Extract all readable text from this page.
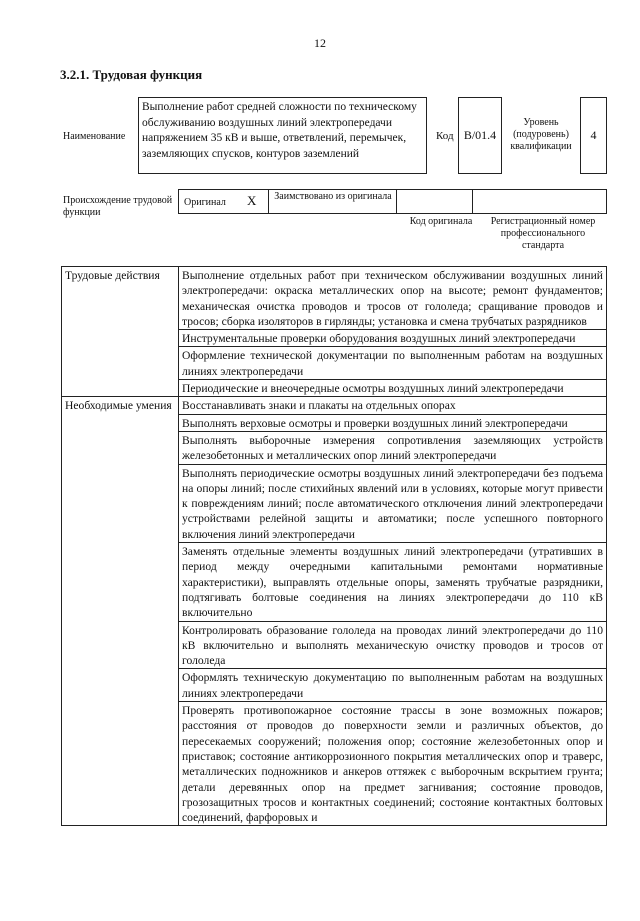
12
3.2.1. Трудовая функция
Наименование
Выполнение работ средней сложности по техническому обслуживанию воздушных линий электропередачи напряжением 35 кВ и выше, ответвлений, перемычек, заземляющих спусков, контуров заземлений
Код B/01.4
Уровень (подуровень) квалификации
4
Происхождение трудовой функции
Оригинал X	Заимствовано из оригинала
Код оригинала	Регистрационный номер профессионального стандарта
Трудовые действия	Выполнение отдельных работ при техническом обслуживании воздушных линий электропередачи: окраска металлических опор на высоте; ремонт фундаментов; механическая очистка проводов и тросов от гололеда; сращивание проводов и тросов; сборка изоляторов в гирлянды; установка и смена трубчатых разрядников
	Инструментальные проверки оборудования воздушных линий электропередачи
	Оформление технической документации по выполненным работам на воздушных линиях электропередачи
	Периодические и внеочередные осмотры воздушных линий электропередачи
Необходимые умения	Восстанавливать знаки и плакаты на отдельных опорах
	Выполнять верховые осмотры и проверки воздушных линий электропередачи
	Выполнять выборочные измерения сопротивления заземляющих устройств железобетонных и металлических опор линий электропередачи
	Выполнять периодические осмотры воздушных линий электропередачи без подъема на опоры линий; после стихийных явлений или в условиях, которые могут привести к повреждениям линий; после автоматического отключения линий электропередачи устройствами релейной защиты и автоматики; после успешного повторного включения линий электропередачи
	Заменять отдельные элементы воздушных линий электропередачи (утративших в период между очередными капитальными ремонтами нормативные характеристики), выправлять отдельные опоры, заменять трубчатые разрядники, подтягивать болтовые соединения на линиях электропередачи до 110 кВ включительно
	Контролировать образование гололеда на проводах линий электропередачи до 110 кВ включительно и выполнять механическую очистку проводов и тросов от гололеда
	Оформлять техническую документацию по выполненным работам на воздушных линиях электропередачи
	Проверять противопожарное состояние трассы в зоне возможных пожаров; расстояния от проводов до поверхности земли и различных объектов, до пересекаемых сооружений; положения опор; состояние железобетонных опор и приставок; состояние антикоррозионного покрытия металлических опор и траверс, металлических подножников и анкеров оттяжек с выборочным вскрытием грунта; детали деревянных опор на предмет загнивания; состояние проводов, грозозащитных тросов и контактных соединений; состояние контактных болтовых соединений, фарфоровых и
